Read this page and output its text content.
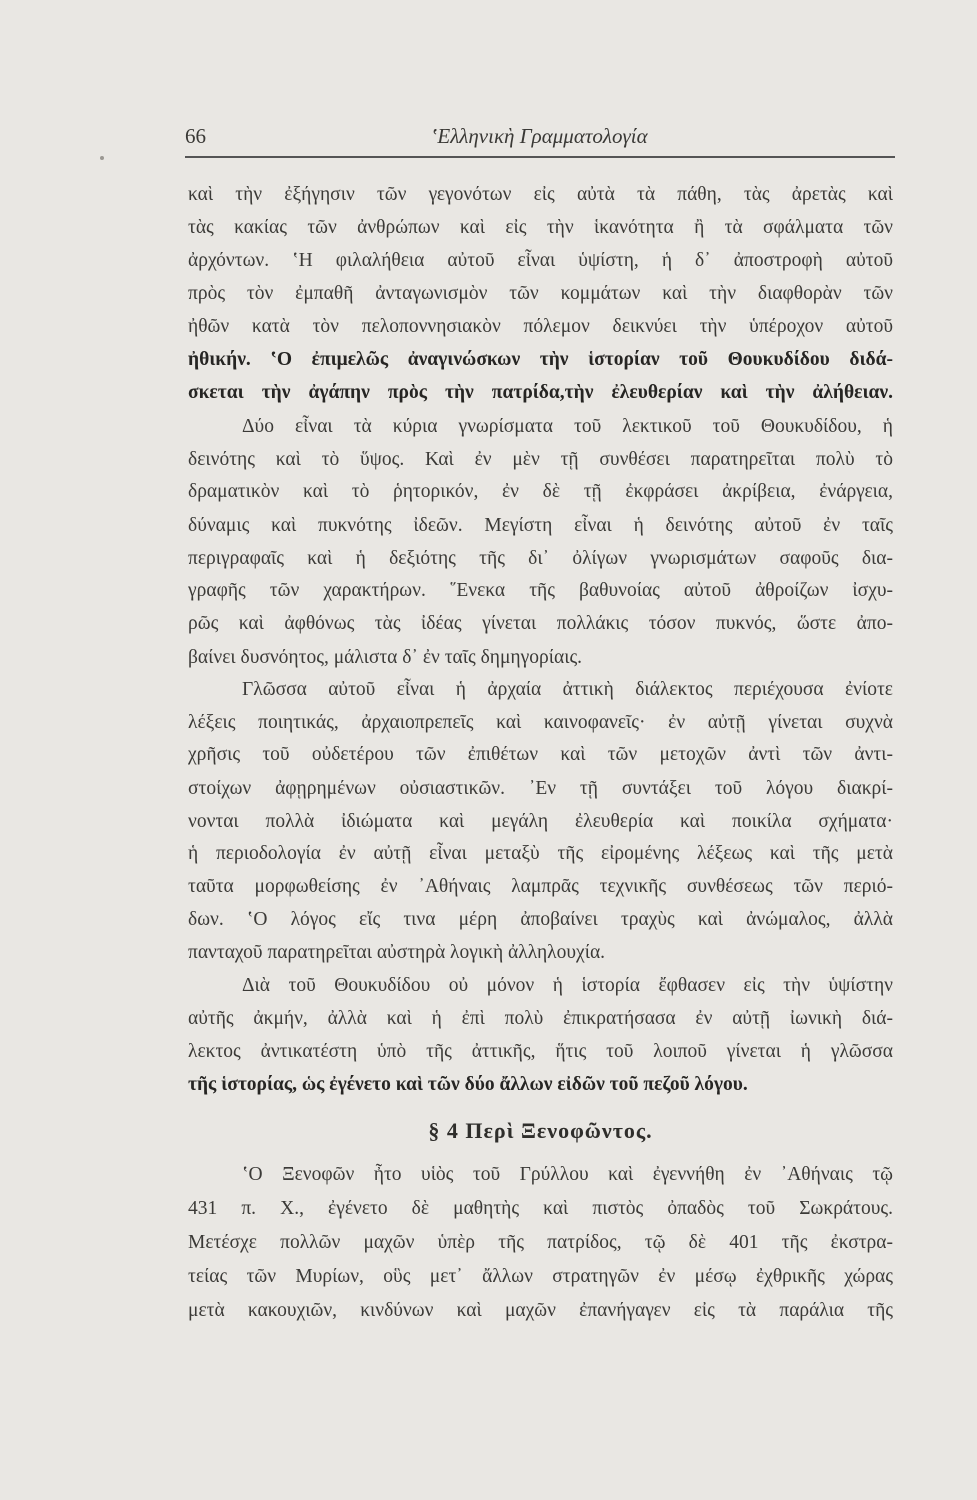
66	ʽΕλληνικὴ Γραμματολογία
καὶ τὴν ἐξήγησιν τῶν γεγονότων εἰς αὐτὰ τὰ πάθη, τὰς ἀρετὰς καὶ
τὰς κακίας τῶν ἀνθρώπων καὶ εἰς τὴν ἱκανότητα ἢ τὰ σφάλματα τῶν
ἀρχόντων. ʽΗ φιλαλήθεια αὐτοῦ εἶναι ὑψίστη, ἡ δ᾽ ἀποστροφὴ αὐτοῦ
πρὸς τὸν ἐμπαθῆ ἀνταγωνισμὸν τῶν κομμάτων καὶ τὴν διαφθορὰν τῶν
ἠθῶν κατὰ τὸν πελοποννησιακὸν πόλεμον δεικνύει τὴν ὑπέροχον αὐτοῦ
ἠθικήν. ʽΟ ἐπιμελῶς ἀναγινώσκων τὴν ἱστορίαν τοῦ Θουκυδίδου διδά-
σκεται τὴν ἀγάπην πρὸς τὴν πατρίδα,τὴν ἐλευθερίαν καὶ τὴν ἀλήθειαν.
Δύο εἶναι τὰ κύρια γνωρίσματα τοῦ λεκτικοῦ τοῦ Θουκυδίδου, ἡ
δεινότης καὶ τὸ ὕψος. Καὶ ἐν μὲν τῇ συνθέσει παρατηρεῖται πολὺ τὸ
δραματικὸν καὶ τὸ ῥητορικόν, ἐν δὲ τῇ ἐκφράσει ἀκρίβεια, ἐνάργεια,
δύναμις καὶ πυκνότης ἰδεῶν. Μεγίστη εἶναι ἡ δεινότης αὐτοῦ ἐν ταῖς
περιγραφαῖς καὶ ἡ δεξιότης τῆς δι᾽ ὀλίγων γνωρισμάτων σαφοῦς δια-
γραφῆς τῶν χαρακτήρων. ῞Ενεκα τῆς βαθυνοίας αὐτοῦ ἀθροίζων ἰσχυ-
ρῶς καὶ ἀφθόνως τὰς ἰδέας γίνεται πολλάκις τόσον πυκνός, ὥστε ἀπο-
βαίνει δυσνόητος, μάλιστα δ᾽ ἐν ταῖς δημηγορίαις.
Γλῶσσα αὐτοῦ εἶναι ἡ ἀρχαία ἀττικὴ διάλεκτος περιέχουσα ἐνίοτε
λέξεις ποιητικάς, ἀρχαιοπρεπεῖς καὶ καινοφανεῖς· ἐν αὐτῇ γίνεται συχνὰ
χρῆσις τοῦ οὐδετέρου τῶν ἐπιθέτων καὶ τῶν μετοχῶν ἀντὶ τῶν ἀντι-
στοίχων ἀφῃρημένων οὐσιαστικῶν. ᾿Εν τῇ συντάξει τοῦ λόγου διακρί-
νονται πολλὰ ἰδιώματα καὶ μεγάλη ἐλευθερία καὶ ποικίλα σχήματα·
ἡ περιοδολογία ἐν αὐτῇ εἶναι μεταξὺ τῆς εἰρομένης λέξεως καὶ τῆς μετὰ
ταῦτα μορφωθείσης ἐν ᾿Αθήναις λαμπρᾶς τεχνικῆς συνθέσεως τῶν περιό-
δων. ʽΟ λόγος εἴς τινα μέρη ἀποβαίνει τραχὺς καὶ ἀνώμαλος, ἀλλὰ
πανταχοῦ παρατηρεῖται αὐστηρὰ λογικὴ ἀλληλουχία.
Διὰ τοῦ Θουκυδίδου οὐ μόνον ἡ ἱστορία ἔφθασεν εἰς τὴν ὑψίστην
αὐτῆς ἀκμήν, ἀλλὰ καὶ ἡ ἐπὶ πολὺ ἐπικρατήσασα ἐν αὐτῇ ἰωνικὴ διά-
λεκτος ἀντικατέστη ὑπὸ τῆς ἀττικῆς, ἥτις τοῦ λοιποῦ γίνεται ἡ γλῶσσα
τῆς ἱστορίας, ὡς ἐγένετο καὶ τῶν δύο ἄλλων εἰδῶν τοῦ πεζοῦ λόγου.
§ 4 Περὶ Ξενοφῶντος.
ʽΟ Ξενοφῶν ἦτο υἱὸς τοῦ Γρύλλου καὶ ἐγεννήθη ἐν ᾿Αθήναις τῷ
431 π. Χ., ἐγένετο δὲ μαθητὴς καὶ πιστὸς ὀπαδὸς τοῦ Σωκράτους.
Μετέσχε πολλῶν μαχῶν ὑπὲρ τῆς πατρίδος, τῷ δὲ 401 τῆς ἐκστρα-
τείας τῶν Μυρίων, οὓς μετ᾽ ἄλλων στρατηγῶν ἐν μέσῳ ἐχθρικῆς χώρας
μετὰ κακουχιῶν, κινδύνων καὶ μαχῶν ἐπανήγαγεν εἰς τὰ παράλια τῆς
